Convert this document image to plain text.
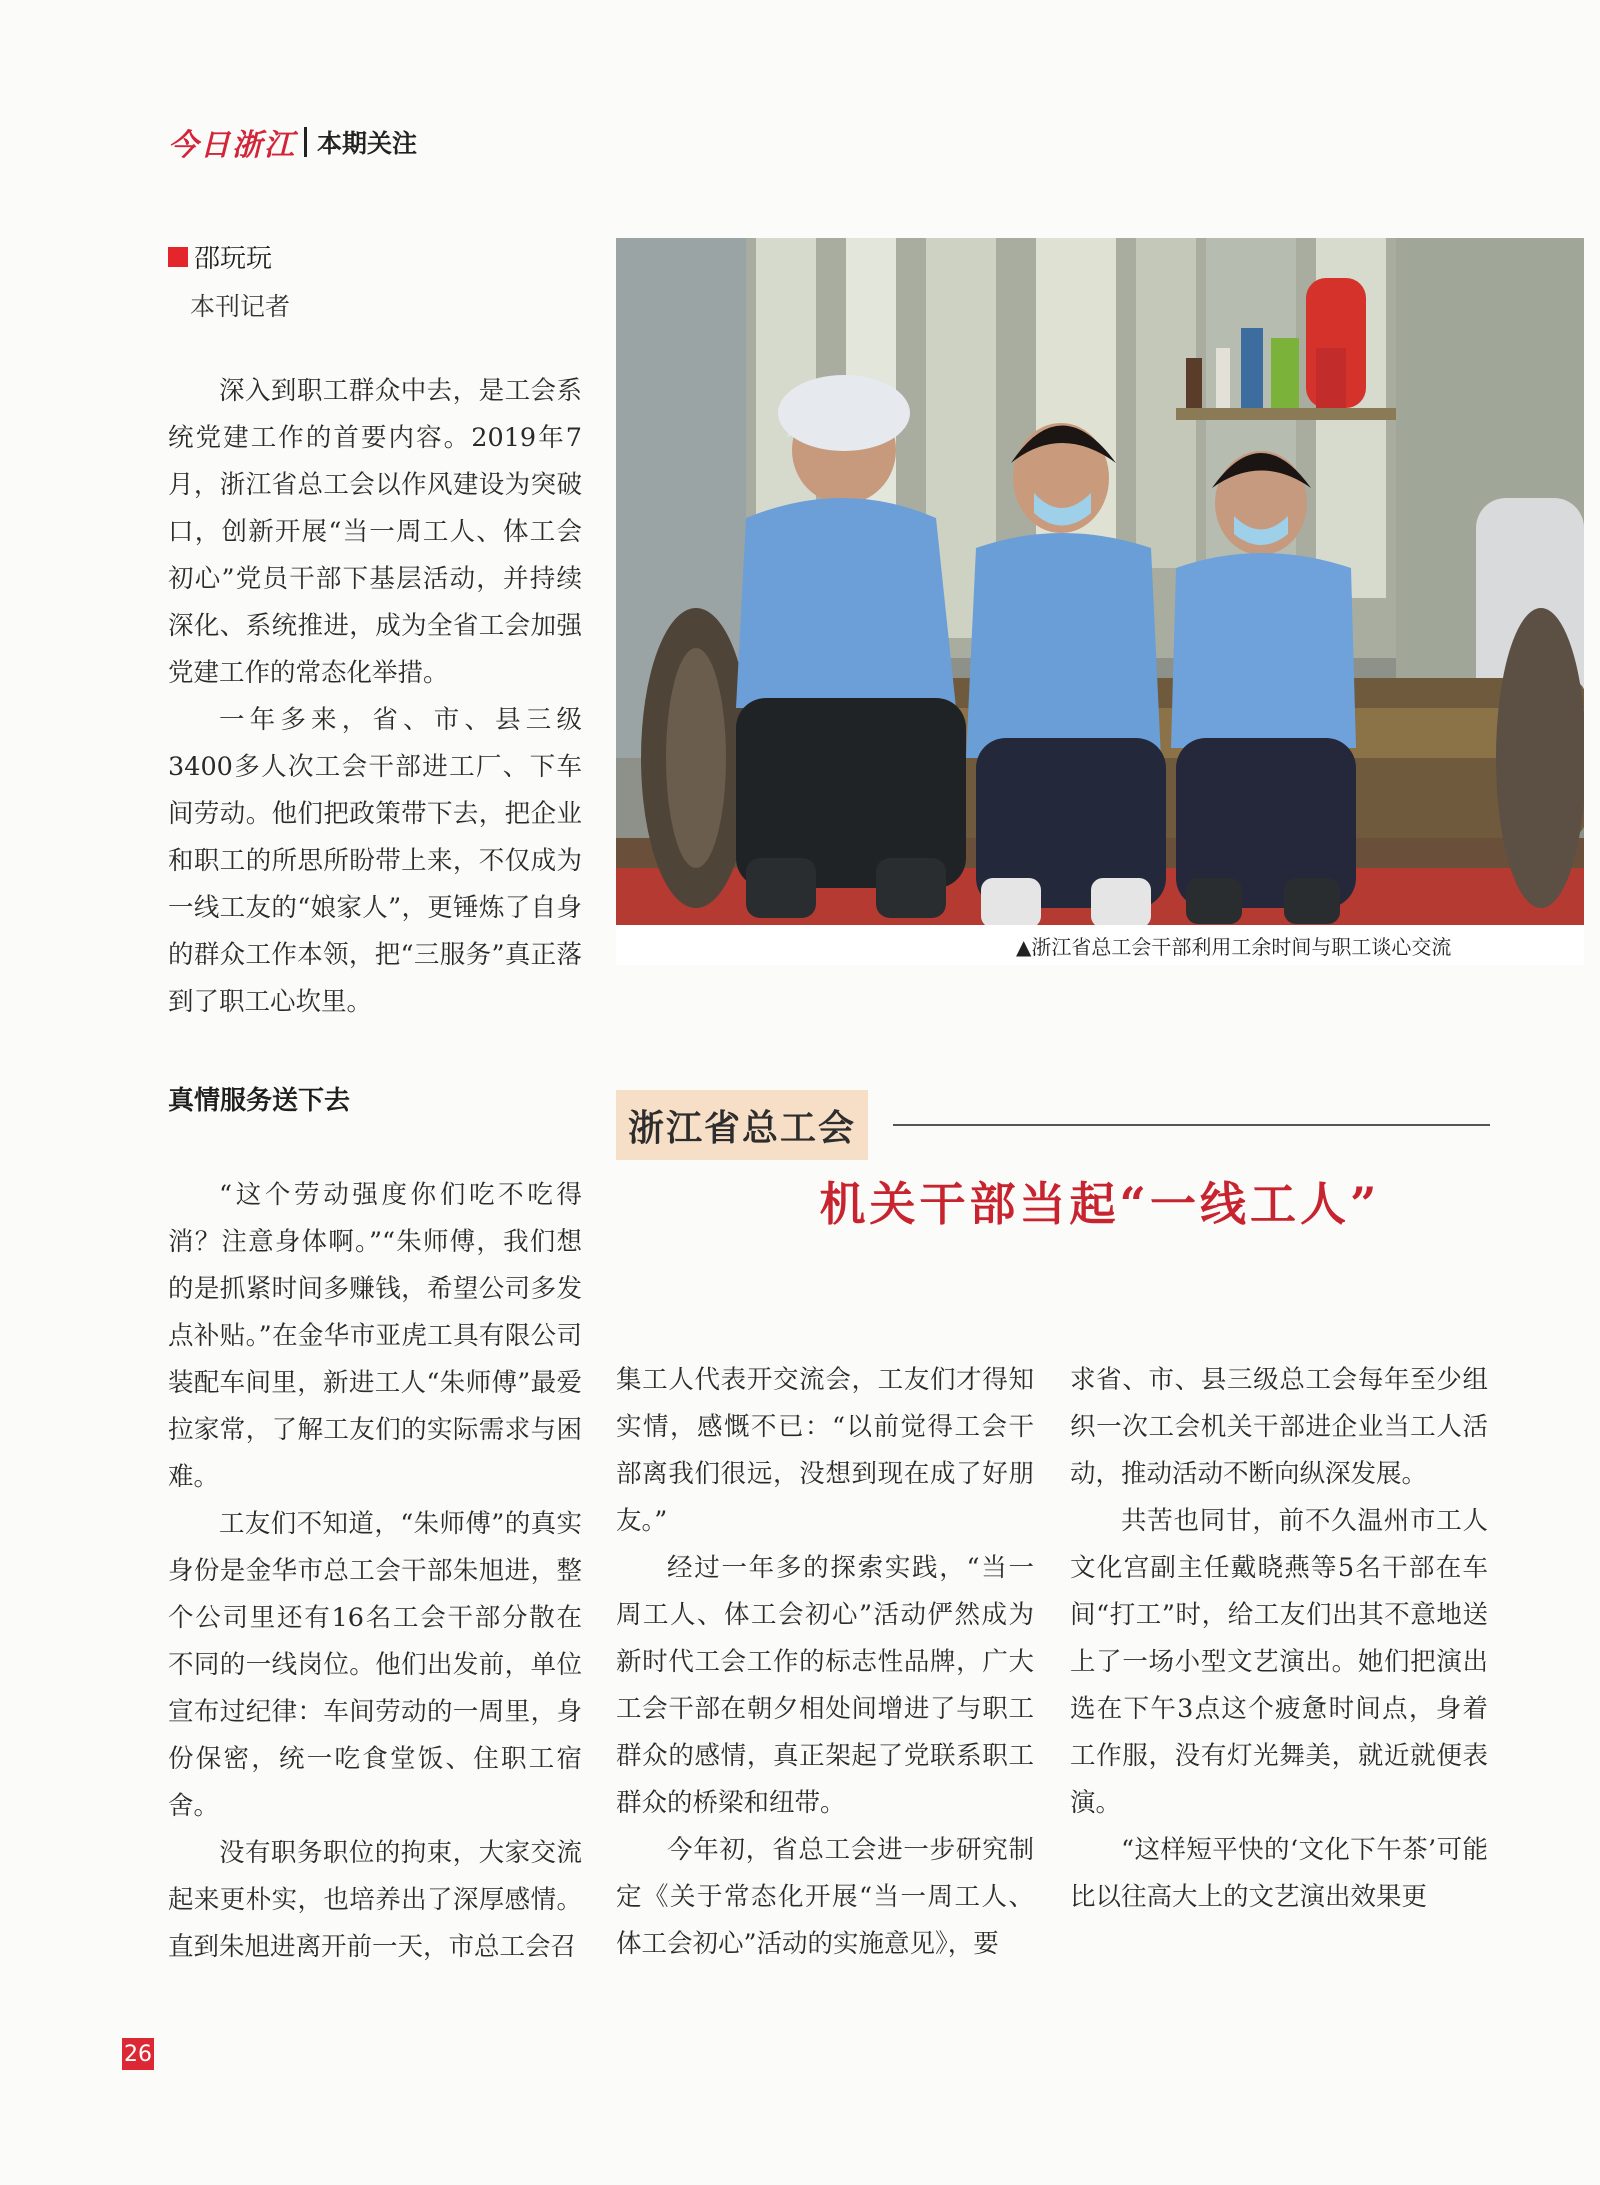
今日浙江 本期关注
邵玩玩
本刊记者

深入到职工群众中去，是工会系统党建工作的首要内容。2019年7月，浙江省总工会以作风建设为突破口，创新开展“当一周工人、体工会初心”党员干部下基层活动，并持续深化、系统推进，成为全省工会加强党建工作的常态化举措。

一年多来，省、市、县三级3400多人次工会干部进工厂、下车间劳动。他们把政策带下去，把企业和职工的所思所盼带上来，不仅成为一线工友的“娘家人”，更锤炼了自身的群众工作本领，把“三服务”真正落到了职工心坎里。

真情服务送下去

“这个劳动强度你们吃不吃得消？注意身体啊。”“朱师傅，我们想的是抓紧时间多赚钱，希望公司多发点补贴。”在金华市亚虎工具有限公司装配车间里，新进工人“朱师傅”最爱拉家常，了解工友们的实际需求与困难。

工友们不知道，“朱师傅”的真实身份是金华市总工会干部朱旭进，整个公司里还有16名工会干部分散在不同的一线岗位。他们出发前，单位宣布过纪律：车间劳动的一周里，身份保密，统一吃食堂饭、住职工宿舍。

没有职务职位的拘束，大家交流起来更朴实，也培养出了深厚感情。直到朱旭进离开前一天，市总工会召

▲浙江省总工会干部利用工余时间与职工谈心交流
浙江省总工会
机关干部当起“一线工人”

集工人代表开交流会，工友们才得知实情，感慨不已：“以前觉得工会干部离我们很远，没想到现在成了好朋友。”

经过一年多的探索实践，“当一周工人、体工会初心”活动俨然成为新时代工会工作的标志性品牌，广大工会干部在朝夕相处间增进了与职工群众的感情，真正架起了党联系职工群众的桥梁和纽带。

今年初，省总工会进一步研究制定《关于常态化开展“当一周工人、体工会初心”活动的实施意见》，要

求省、市、县三级总工会每年至少组织一次工会机关干部进企业当工人活动，推动活动不断向纵深发展。

共苦也同甘，前不久温州市工人文化宫副主任戴晓燕等5名干部在车间“打工”时，给工友们出其不意地送上了一场小型文艺演出。她们把演出选在下午3点这个疲惫时间点，身着工作服，没有灯光舞美，就近就便表演。

“这样短平快的‘文化下午茶’可能比以往高大上的文艺演出效果更

26
